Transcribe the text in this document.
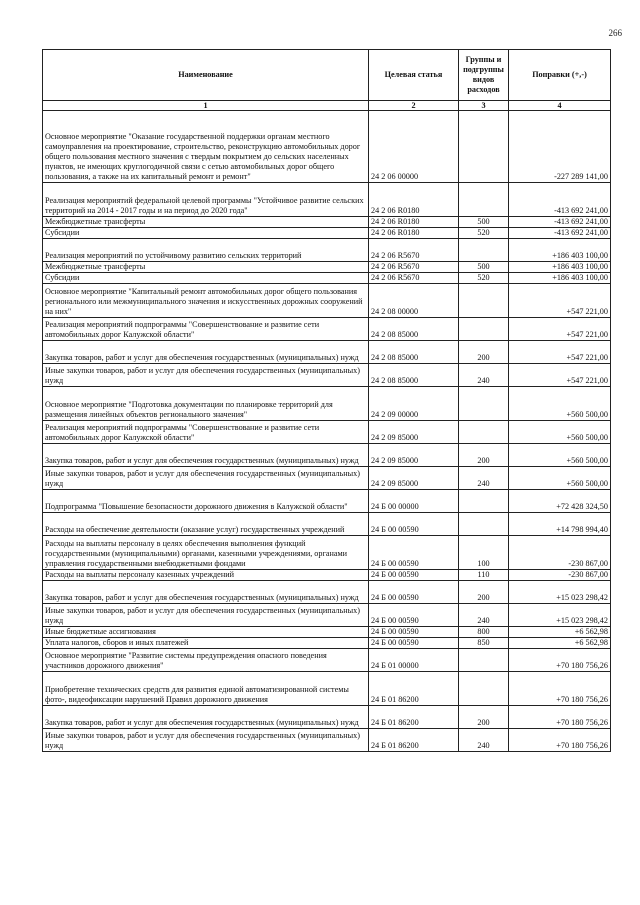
266
Наименование	Целевая статья	Группы и подгруппы видов расходов	Поправки (+,-)
1	2	3	4
Основное мероприятие "Оказание государственной поддержки органам местного самоуправления на проектирование, строительство, реконструкцию автомобильных дорог общего пользования местного значения с твердым покрытием до сельских населенных пунктов, не имеющих круглогодичной связи с сетью автомобильных дорог общего пользования, а также на их капитальный ремонт и ремонт"	24 2 06 00000		-227 289 141,00
Реализация мероприятий федеральной целевой программы "Устойчивое развитие сельских территорий на 2014 - 2017 годы и на период до 2020 года"	24 2 06 R0180		-413 692 241,00
Межбюджетные трансферты	24 2 06 R0180	500	-413 692 241,00
Субсидии	24 2 06 R0180	520	-413 692 241,00
Реализация мероприятий по устойчивому развитию сельских территорий	24 2 06 R5670		+186 403 100,00
Межбюджетные трансферты	24 2 06 R5670	500	+186 403 100,00
Субсидии	24 2 06 R5670	520	+186 403 100,00
Основное мероприятие "Капитальный ремонт автомобильных дорог общего пользования регионального или межмуниципального значения и искусственных дорожных сооружений на них"	24 2 08 00000		+547 221,00
Реализация мероприятий подпрограммы "Совершенствование и развитие сети автомобильных дорог Калужской области"	24 2 08 85000		+547 221,00
Закупка товаров, работ и услуг для обеспечения государственных (муниципальных) нужд	24 2 08 85000	200	+547 221,00
Иные закупки товаров, работ и услуг для обеспечения государственных (муниципальных) нужд	24 2 08 85000	240	+547 221,00
Основное мероприятие "Подготовка документации по планировке территорий для размещения линейных объектов регионального значения"	24 2 09 00000		+560 500,00
Реализация мероприятий подпрограммы "Совершенствование и развитие сети автомобильных дорог Калужской области"	24 2 09 85000		+560 500,00
Закупка товаров, работ и услуг для обеспечения государственных (муниципальных) нужд	24 2 09 85000	200	+560 500,00
Иные закупки товаров, работ и услуг для обеспечения государственных (муниципальных) нужд	24 2 09 85000	240	+560 500,00
Подпрограмма "Повышение безопасности дорожного движения в Калужской области"	24 Б 00 00000		+72 428 324,50
Расходы на обеспечение деятельности (оказание услуг) государственных учреждений	24 Б 00 00590		+14 798 994,40
Расходы на выплаты персоналу в целях обеспечения выполнения функций государственными (муниципальными) органами, казенными учреждениями, органами управления государственными внебюджетными фондами	24 Б 00 00590	100	-230 867,00
Расходы на выплаты персоналу казенных учреждений	24 Б 00 00590	110	-230 867,00
Закупка товаров, работ и услуг для обеспечения государственных (муниципальных) нужд	24 Б 00 00590	200	+15 023 298,42
Иные закупки товаров, работ и услуг для обеспечения государственных (муниципальных) нужд	24 Б 00 00590	240	+15 023 298,42
Иные бюджетные ассигнования	24 Б 00 00590	800	+6 562,98
Уплата налогов, сборов и иных платежей	24 Б 00 00590	850	+6 562,98
Основное мероприятие "Развитие системы предупреждения опасного поведения участников дорожного движения"	24 Б 01 00000		+70 180 756,26
Приобретение технических средств для развития единой автоматизированной системы фото-, видеофиксации нарушений Правил дорожного движения	24 Б 01 86200		+70 180 756,26
Закупка товаров, работ и услуг для обеспечения государственных (муниципальных) нужд	24 Б 01 86200	200	+70 180 756,26
Иные закупки товаров, работ и услуг для обеспечения государственных (муниципальных) нужд	24 Б 01 86200	240	+70 180 756,26
